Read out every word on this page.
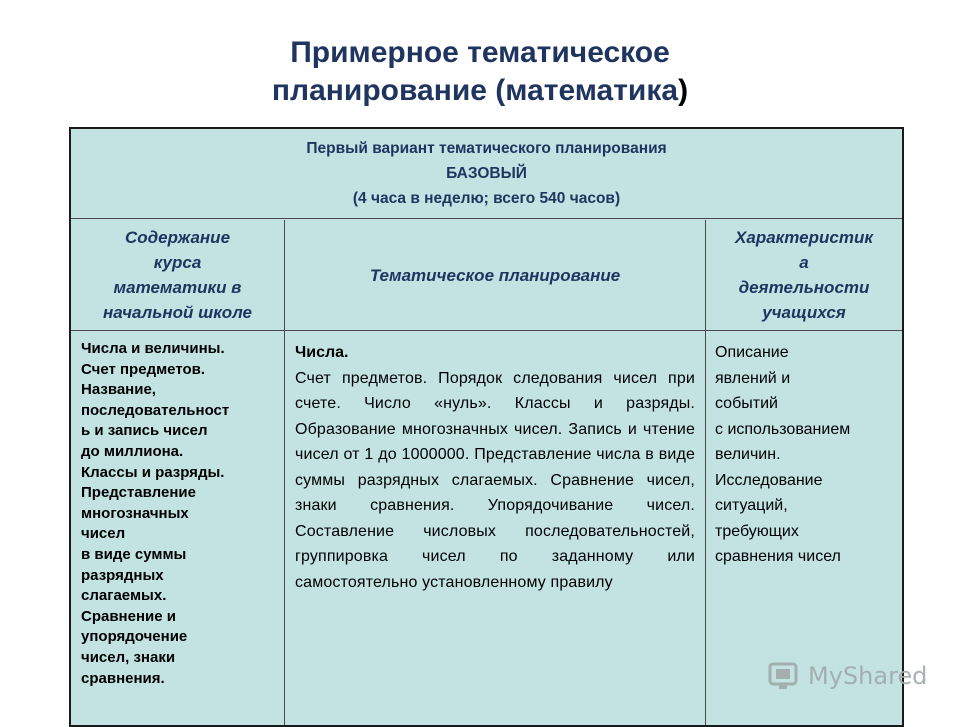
Примерное тематическое
планирование (математика)
Первый вариант тематического планирования
БАЗОВЫЙ
(4 часа в неделю; всего 540 часов)
Содержание
курса
математики в
начальной школе
Тематическое планирование
Характеристик
а
деятельности
учащихся
Числа и величины.
Счет предметов.
Название,
последовательност
ь и запись чисел
до миллиона.
Классы и разряды.
Представление
многозначных
чисел
в виде суммы
разрядных
слагаемых.
Сравнение и
упорядочение
чисел, знаки
сравнения.
Числа.
Счет предметов. Порядок следования чисел при счете. Число «нуль». Классы и разряды. Образование многозначных чисел. Запись и чтение чисел от 1 до 1000000. Представление числа в виде суммы разрядных слагаемых. Сравнение чисел, знаки сравнения. Упорядочивание чисел. Составление числовых последовательностей, группировка чисел по заданному или самостоятельно установленному правилу
Описание
явлений и
событий
с использованием
величин.
Исследование
ситуаций,
требующих
сравнения чисел
MyShared
